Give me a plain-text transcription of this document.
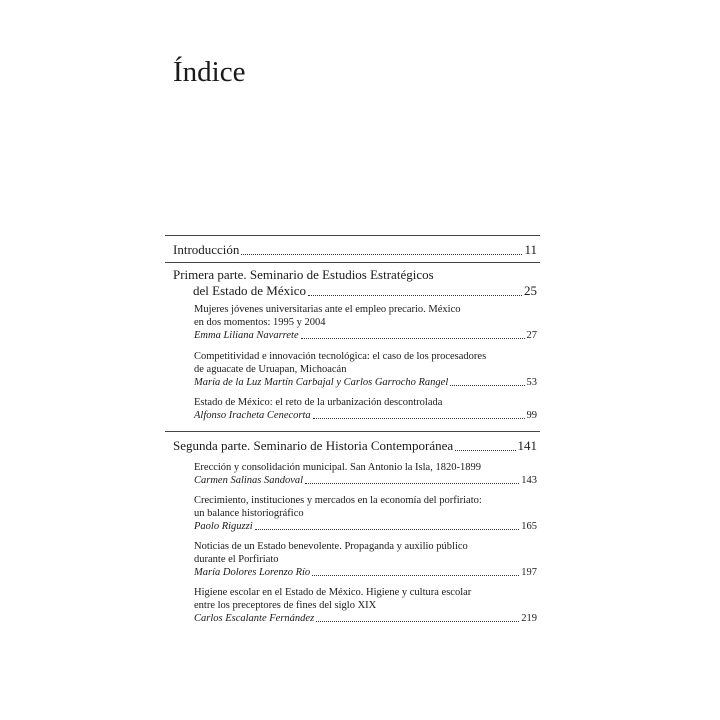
Índice
Introducción	11
Primera parte. Seminario de Estudios Estratégicos
del Estado de México	25
Mujeres jóvenes universitarias ante el empleo precario. México
en dos momentos: 1995 y 2004
Emma Liliana Navarrete	27
Competitividad e innovación tecnológica: el caso de los procesadores
de aguacate de Uruapan, Michoacán
María de la Luz Martín Carbajal y Carlos Garrocho Rangel	53
Estado de México: el reto de la urbanización descontrolada
Alfonso Iracheta Cenecorta	99
Segunda parte. Seminario de Historia Contemporánea	141
Erección y consolidación municipal. San Antonio la Isla, 1820-1899
Carmen Salinas Sandoval	143
Crecimiento, instituciones y mercados en la economía del porfiriato:
un balance historiográfico
Paolo Riguzzi	165
Noticias de un Estado benevolente. Propaganda y auxilio público
durante el Porfiriato
María Dolores Lorenzo Río	197
Higiene escolar en el Estado de México. Higiene y cultura escolar
entre los preceptores de fines del siglo XIX
Carlos Escalante Fernández	219
